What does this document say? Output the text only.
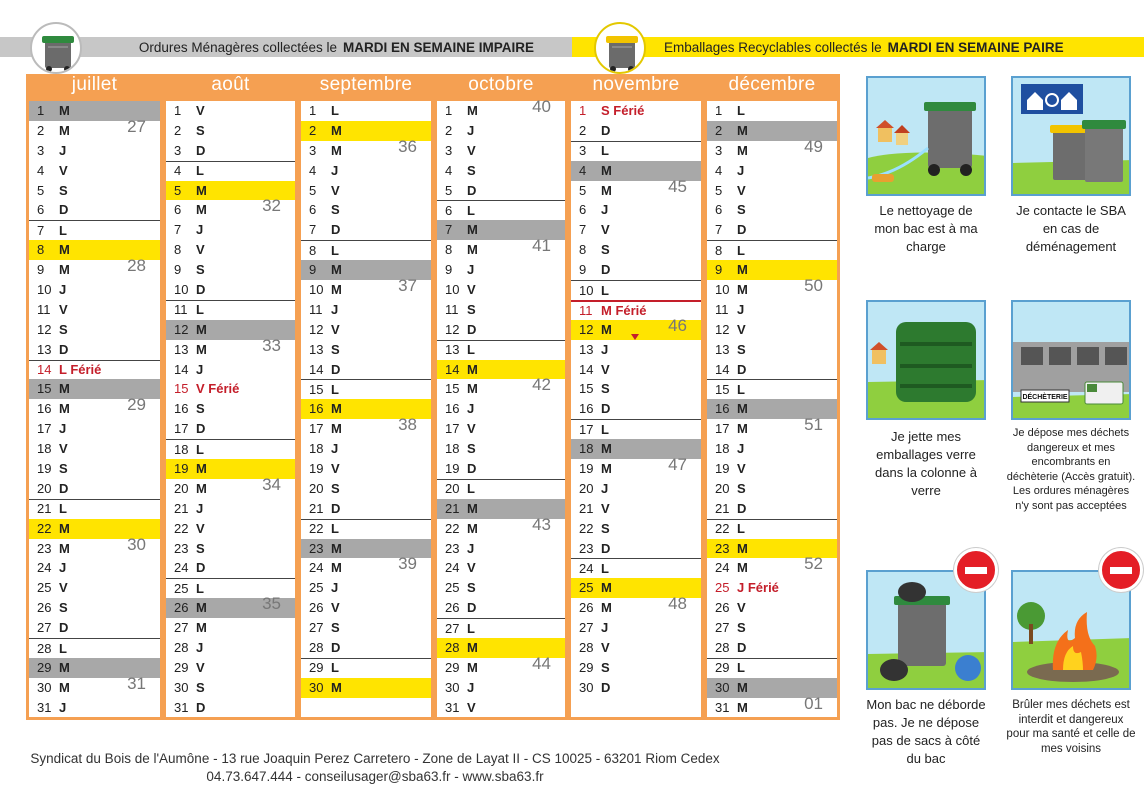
Ordures Ménagères collectées le MARDI EN SEMAINE IMPAIRE	Emballages Recyclables collectés le MARDI EN SEMAINE PAIRE
juillet
1	M
2	M	27
3	J
4	V
5	S
6	D
7	L
8	M
9	M	28
10 J
11 V
12 S
13 D
14 L Férié
15 M
16 M	29
17 J
18 V
19 S
20 D
21 L
22 M
23 M	30
24 J
25 V
26 S
27 D
28 L
29 M
30 M	31
31 J
août
1	V
2	S
3	D
4	L
5	M
6	M	32
7	J
8	V
9	S
10 D
11 L
12 M
13 M	33
14 J
15 V Férié
16 S
17 D
18 L
19 M
20 M	34
21 J
22 V
23 S
24 D
25 L
26 M	35
27 M
28 J
29 V
30 S
31 D
septembre
1	L
2	M
3	M	36
4	J
5	V
6	S
7	D
8	L
9	M
10 M	37
11 J
12 V
13 S
14 D
15 L
16 M
17 M	38
18 J
19 V
20 S
21 D
22 L
23 M
24 M	39
25 J
26 V
27 S
28 D
29 L
30 M
octobre
1	M	40
2	J
3	V
4	S
5	D
6	L
7	M
8	M	41
9	J
10 V
11 S
12 D
13 L
14 M
15 M	42
16 J
17 V
18 S
19 D
20 L
21 M
22 M	43
23 J
24 V
25 S
26 D
27 L
28 M
29 M	44
30 J
31 V
novembre
1	S Férié
2	D
3	L
4	M
5	M	45
6	J
7	V
8	S
9	D
10 L
11 M Férié
12 M	46
13 J
14 V
15 S
16 D
17 L
18 M
19 M	47
20 J
21 V
22 S
23 D
24 L
25 M
26 M	48
27 J
28 V
29 S
30 D
décembre
1	L
2	M
3	M	49
4	J
5	V
6	S
7	D
8	L
9	M
10 M	50
11 J
12 V
13 S
14 D
15 L
16 M
17 M	51
18 J
19 V
20 S
21 D
22 L
23 M
24 M	52
25 J Férié
26 V
27 S
28 D
29 L
30 M
31 M	01
Le nettoyage de mon bac est à ma charge
Je contacte le SBA en cas de déménagement
Je jette mes emballages verre dans la colonne à verre
DÉCHÈTERIE
Je dépose mes déchets dangereux et mes encombrants en déchèterie (Accès gratuit). Les ordures ménagères n'y sont pas acceptées
Mon bac ne déborde pas. Je ne dépose pas de sacs à côté du bac
Brûler mes déchets est interdit et dangereux pour ma santé et celle de mes voisins
Syndicat du Bois de l'Aumône - 13 rue Joaquin Perez Carretero - Zone de Layat II - CS 10025 - 63201 Riom Cedex
04.73.647.444 - conseilusager@sba63.fr - www.sba63.fr
